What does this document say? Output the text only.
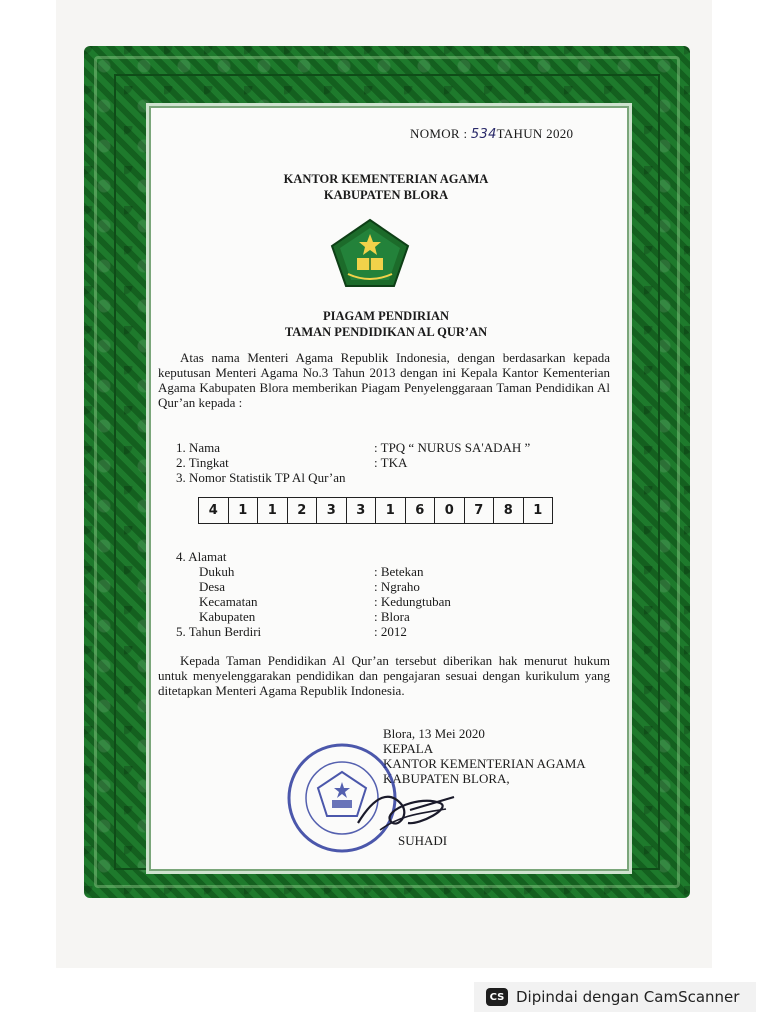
NOMOR : 534TAHUN 2020
KANTOR KEMENTERIAN AGAMA
KABUPATEN BLORA
PIAGAM PENDIRIAN
TAMAN PENDIDIKAN AL QUR’AN
Atas nama Menteri Agama Republik Indonesia, dengan berdasarkan kepada keputusan Menteri Agama No.3 Tahun 2013 dengan ini Kepala Kantor Kementerian Agama Kabupaten Blora memberikan Piagam Penyelenggaraan Taman Pendidikan Al Qur’an kepada :
1. Nama	: TPQ “ NURUS SA'ADAH ”
2. Tingkat	: TKA
3. Nomor Statistik TP Al Qur’an
4	1	1	2	3	3	1	6	0	7	8	1
4. Alamat
Dukuh	: Betekan
Desa	: Ngraho
Kecamatan	: Kedungtuban
Kabupaten	: Blora
5. Tahun Berdiri	: 2012
Kepada Taman Pendidikan Al Qur’an tersebut diberikan hak menurut hukum untuk menyelenggarakan pendidikan dan pengajaran sesuai dengan kurikulum yang ditetapkan Menteri Agama Republik Indonesia.
Blora, 13 Mei 2020
KEPALA
KANTOR KEMENTERIAN AGAMA
KABUPATEN BLORA,
SUHADI
CS Dipindai dengan CamScanner
